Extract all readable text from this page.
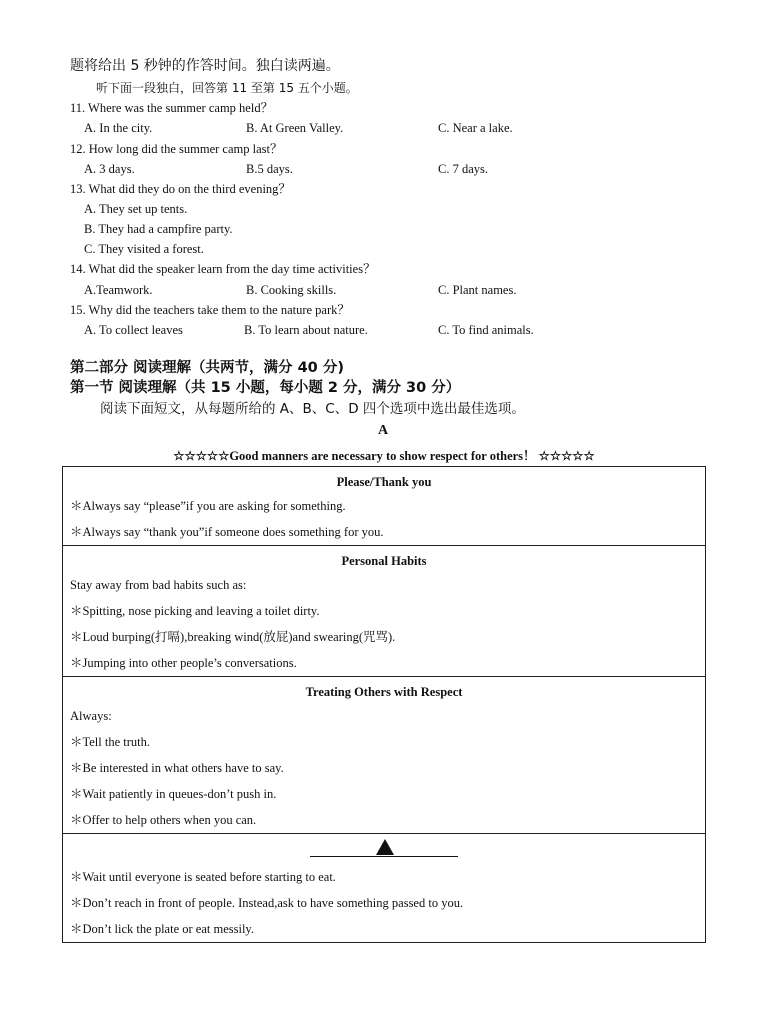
题将给出 5 秒钟的作答时间。独白读两遍。
听下面一段独白，回答第 11 至第 15 五个小题。
11. Where was the summer camp held？
A. In the city.	B. At Green Valley.	C. Near a lake.
12. How long did the summer camp last？
A. 3 days.	B.5 days.	C. 7 days.
13. What did they do on the third evening？
A. They set up tents.
B. They had a campfire party.
C. They visited a forest.
14. What did the speaker learn from the day time activities？
A.Teamwork.	B. Cooking skills.	C. Plant names.
15. Why did the teachers take them to the nature park？
A. To collect leaves	B. To learn about nature.	C. To find animals.
第二部分 阅读理解（共两节，满分 40 分)
第一节 阅读理解（共 15 小题，每小题 2 分，满分 30 分）
阅读下面短文，从每题所给的 A、B、C、D 四个选项中选出最佳选项。
A
☆☆☆☆☆Good manners are necessary to show respect for others！ ☆☆☆☆☆
Please/Thank you
＊Always say “please”if you are asking for something.
＊Always say “thank you”if someone does something for you.

Personal Habits
Stay away from bad habits such as:
＊Spitting, nose picking and leaving a toilet dirty.
＊Loud burping(打嗝),breaking wind(放屁)and swearing(咒骂).
＊Jumping into other people’s conversations.

Treating Others with Respect
Always:
＊Tell the truth.
＊Be interested in what others have to say.
＊Wait patiently in queues-don’t push in.
＊Offer to help others when you can.

＊Wait until everyone is seated before starting to eat.
＊Don’t reach in front of people. Instead,ask to have something passed to you.
＊Don’t lick the plate or eat messily.
